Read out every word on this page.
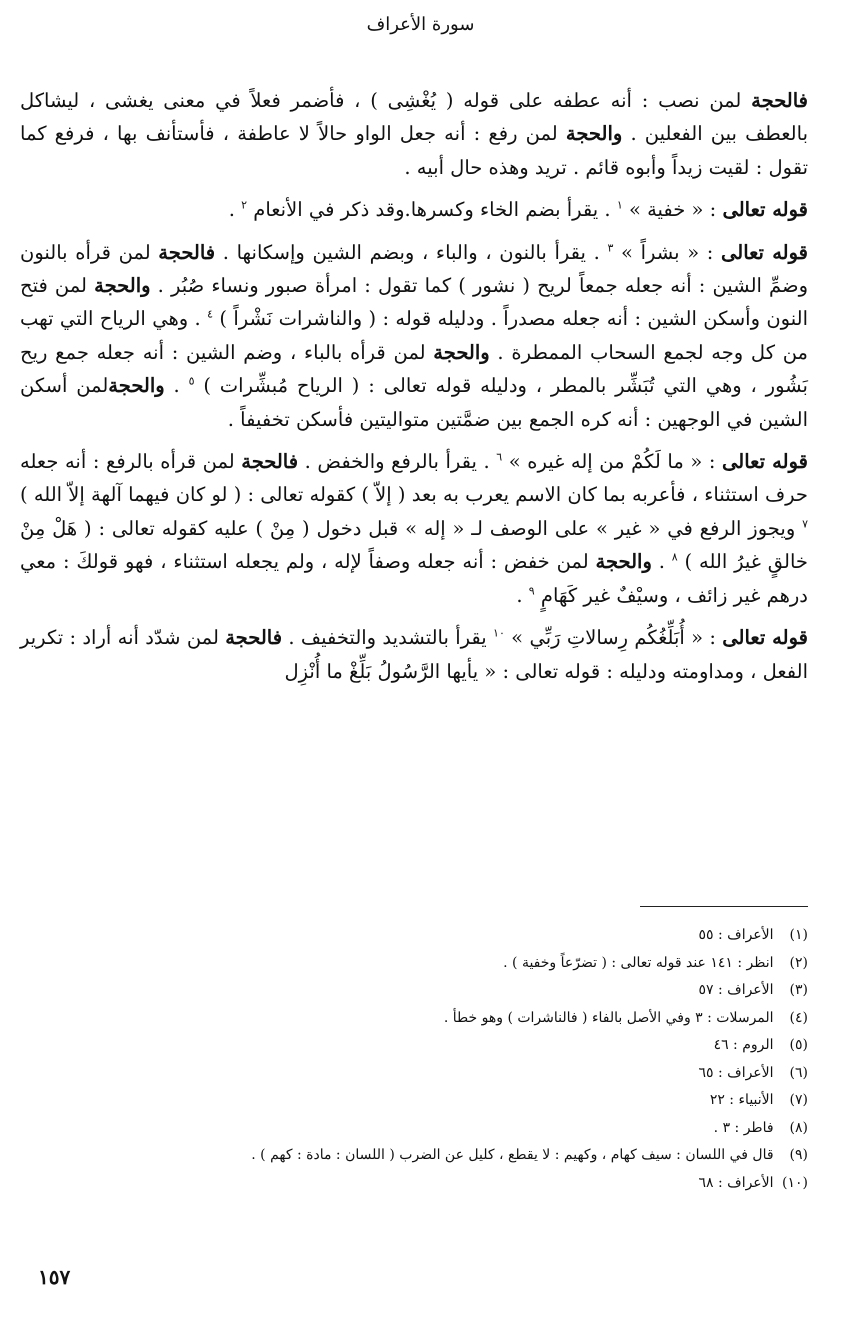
سورة الأعراف

فالحجة لمن نصب : أنه عطفه على قوله ( يُغْشِى ) ، فأضمر فعلاً في معنى يغشى ، ليشاكل بالعطف بين الفعلين . والحجة لمن رفع : أنه جعل الواو حالاً لا عاطفة ، فأستأنف بها ، فرفع كما تقول : لقيت زيداً وأبوه قائم . تريد وهذه حال أبيه .

قوله تعالى : « خفية » $^١$ . يقرأ بضم الخاء وكسرها.وقد ذكر في الأنعام $^٢$ .

قوله تعالى : « بشراً » $^٣$ . يقرأ بالنون ، والباء ، وبضم الشين وإسكانها . فالحجة لمن قرأه بالنون وضمِّ الشين : أنه جعله جمعاً لريح ( نشور ) كما تقول : امرأة صبور ونساء صُبُر . والحجة لمن فتح النون وأسكن الشين : أنه جعله مصدراً . ودليله قوله : ( والناشرات نَشْراً ) $^٤$ . وهي الرياح التي تهب من كل وجه لجمع السحاب الممطرة . والحجة لمن قرأه بالباء ، وضم الشين : أنه جعله جمع ريح بَشُور ، وهي التي تُبَشِّر بالمطر ، ودليله قوله تعالى : ( الرياح مُبشِّرات ) $^٥$ . والحجةلمن أسكن الشين في الوجهين : أنه كره الجمع بين ضمَّتين متواليتين فأسكن تخفيفاً .

قوله تعالى : « ما لَكُمْ من إله غيره » $^٦$ . يقرأ بالرفع والخفض . فالحجة لمن قرأه بالرفع : أنه جعله حرف استثناء ، فأعربه بما كان الاسم يعرب به بعد ( إلاّ ) كقوله تعالى : ( لو كان فيهما آلهة إلاّ الله ) $^٧$ ويجوز الرفع في « غير » على الوصف لـ « إله » قبل دخول ( مِنْ ) عليه كقوله تعالى : ( هَلْ مِنْ خالقٍ غيرُ الله ) $^٨$ . والحجة لمن خفض : أنه جعله وصفاً لإله ، ولم يجعله استثناء ، فهو قولكَ : معي درهم غير زائف ، وسيْفٌ غير كَهَامٍ $^٩$ .

قوله تعالى : « أُبَلِّغُكُم رِسالاتِ رَبِّي » $^{١٠}$ يقرأ بالتشديد والتخفيف . فالحجة لمن شدّد أنه أراد : تكرير الفعل ، ومداومته ودليله : قوله تعالى : « يأيها الرَّسُولُ بَلِّغْ ما أُنْزِل

(١) الأعراف : ٥٥
(٢) انظر : ١٤١ عند قوله تعالى : ( تضرّعاً وخفية ) .
(٣) الأعراف : ٥٧
(٤) المرسلات : ٣ وفي الأصل بالفاء ( فالناشرات ) وهو خطأ .
(٥) الروم : ٤٦
(٦) الأعراف : ٦٥
(٧) الأنبياء : ٢٢
(٨) فاطر : ٣ .
(٩) قال في اللسان : سيف كهام ، وكهيم : لا يقطع ، كليل عن الضرب ( اللسان : مادة : كهم ) .
(١٠) الأعراف : ٦٨
١٥٧
